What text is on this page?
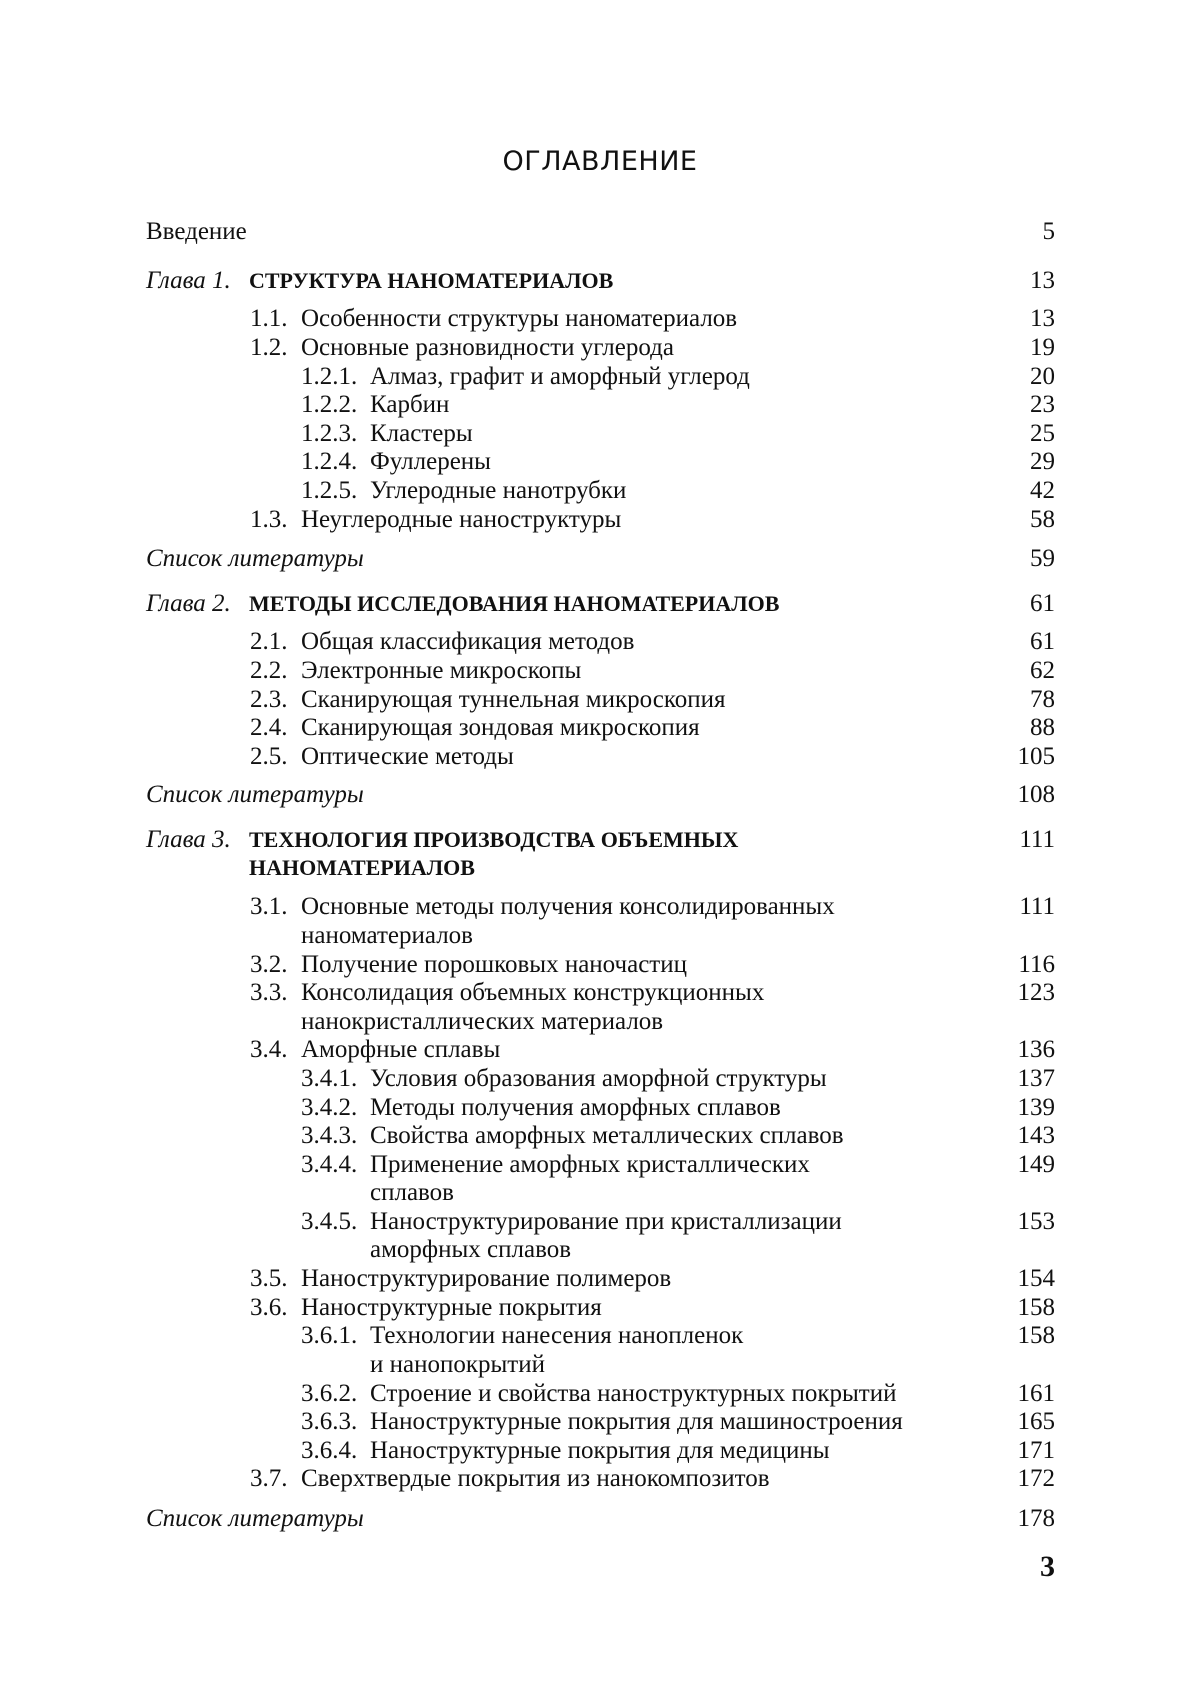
ОГЛАВЛЕНИЕ
Введение	5
Глава 1. СТРУКТУРА НАНОМАТЕРИАЛОВ	13
1.1. Особенности структуры наноматериалов	13
1.2. Основные разновидности углерода	19
1.2.1. Алмаз, графит и аморфный углерод	20
1.2.2. Карбин	23
1.2.3. Кластеры	25
1.2.4. Фуллерены	29
1.2.5. Углеродные нанотрубки	42
1.3. Неуглеродные наноструктуры	58
Список литературы	59
Глава 2. МЕТОДЫ ИССЛЕДОВАНИЯ НАНОМАТЕРИАЛОВ	61
2.1. Общая классификация методов	61
2.2. Электронные микроскопы	62
2.3. Сканирующая туннельная микроскопия	78
2.4. Сканирующая зондовая микроскопия	88
2.5. Оптические методы	105
Список литературы	108
Глава 3. ТЕХНОЛОГИЯ ПРОИЗВОДСТВА ОБЪЕМНЫХ	111
НАНОМАТЕРИАЛОВ
3.1. Основные методы получения консолидированных	111
наноматериалов
3.2. Получение порошковых наночастиц	116
3.3. Консолидация объемных конструкционных	123
нанокристаллических материалов
3.4. Аморфные сплавы	136
3.4.1. Условия образования аморфной структуры	137
3.4.2. Методы получения аморфных сплавов	139
3.4.3. Свойства аморфных металлических сплавов	143
3.4.4. Применение аморфных кристаллических	149
сплавов
3.4.5. Наноструктурирование при кристаллизации	153
аморфных сплавов
3.5. Наноструктурирование полимеров	154
3.6. Наноструктурные покрытия	158
3.6.1. Технологии нанесения нанопленок	158
и нанопокрытий
3.6.2. Строение и свойства наноструктурных покрытий	161
3.6.3. Наноструктурные покрытия для машиностроения	165
3.6.4. Наноструктурные покрытия для медицины	171
3.7. Сверхтвердые покрытия из нанокомпозитов	172
Список литературы	178
3
